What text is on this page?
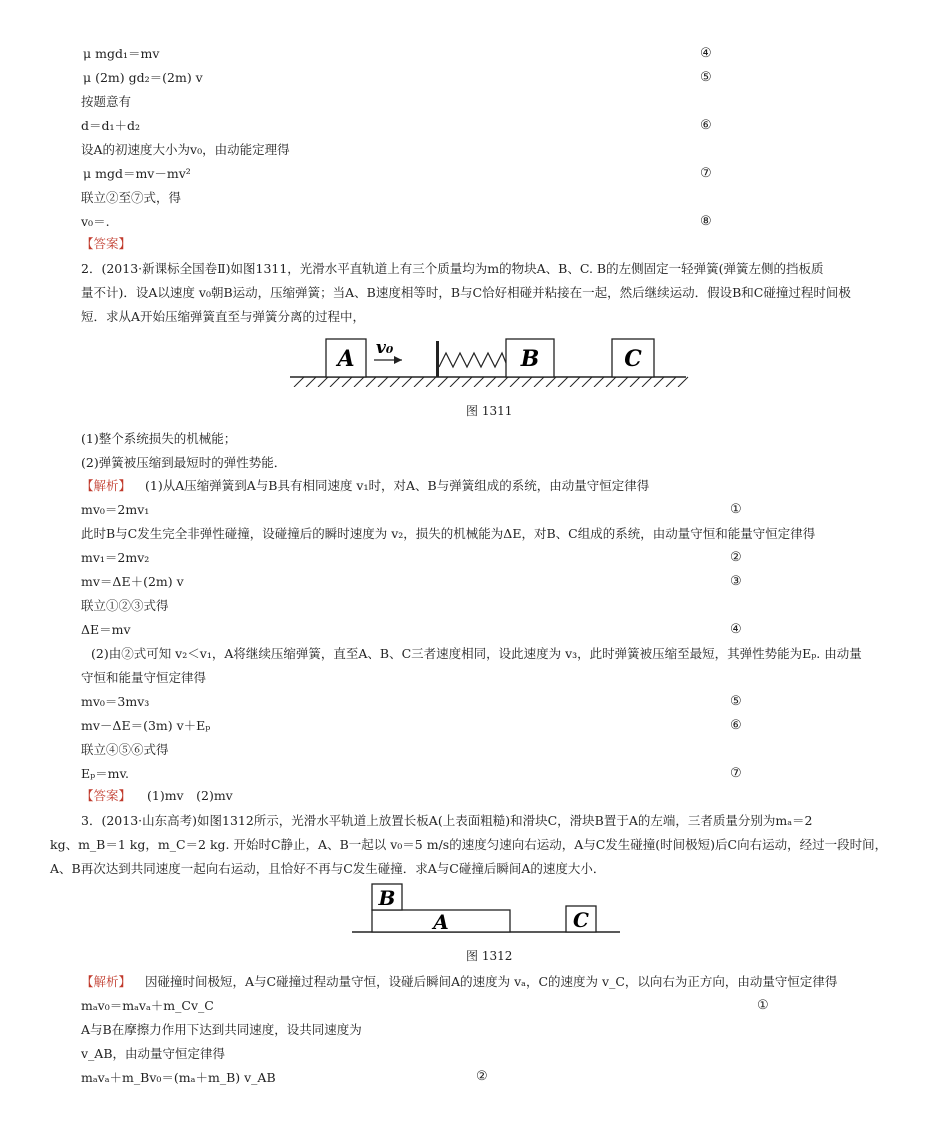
μ mgd₁＝mv	④
μ (2m) gd₂＝(2m) v	⑤
按题意有
d＝d₁＋d₂	⑥
设A的初速度大小为v₀，由动能定理得
μ mgd＝mv－mv²	⑦
联立②至⑦式，得
v₀＝.	⑧
【答案】
2．(2013·新课标全国卷Ⅱ)如图1311，光滑水平直轨道上有三个质量均为m的物块A、B、C. B的左侧固定一轻弹簧(弹簧左侧的挡板质
量不计)．设A以速度 v₀朝B运动，压缩弹簧；当A、B速度相等时，B与C恰好相碰并粘接在一起，然后继续运动．假设B和C碰撞过程时间极
短．求从A开始压缩弹簧直至与弹簧分离的过程中，
A v₀	B	C
图 1311
(1)整个系统损失的机械能；
(2)弹簧被压缩到最短时的弹性势能．
【解析】 (1)从A压缩弹簧到A与B具有相同速度 v₁时，对A、B与弹簧组成的系统，由动量守恒定律得
mv₀＝2mv₁	①
此时B与C发生完全非弹性碰撞，设碰撞后的瞬时速度为 v₂，损失的机械能为ΔE，对B、C组成的系统，由动量守恒和能量守恒定律得
mv₁＝2mv₂	②
mv＝ΔE＋(2m) v	③
联立①②③式得
ΔE＝mv	④
(2)由②式可知 v₂＜v₁，A将继续压缩弹簧，直至A、B、C三者速度相同，设此速度为 v₃，此时弹簧被压缩至最短，其弹性势能为Eₚ. 由动量
守恒和能量守恒定律得
mv₀＝3mv₃	⑤
mv－ΔE＝(3m) v＋Eₚ	⑥
联立④⑤⑥式得
Eₚ＝mv.	⑦
【答案】 (1)mv　(2)mv
3．(2013·山东高考)如图1312所示，光滑水平轨道上放置长板A(上表面粗糙)和滑块C，滑块B置于A的左端，三者质量分别为mₐ＝2
kg、m_B＝1 kg，m_C＝2 kg. 开始时C静止，A、B一起以 v₀＝5 m/s的速度匀速向右运动，A与C发生碰撞(时间极短)后C向右运动，经过一段时间，
A、B再次达到共同速度一起向右运动，且恰好不再与C发生碰撞．求A与C碰撞后瞬间A的速度大小．
A
B
C
图 1312
【解析】 因碰撞时间极短，A与C碰撞过程动量守恒，设碰后瞬间A的速度为 vₐ，C的速度为 v_C，以向右为正方向，由动量守恒定律得
mₐv₀＝mₐvₐ＋m_Cv_C	①
A与B在摩擦力作用下达到共同速度，设共同速度为
v_AB，由动量守恒定律得
mₐvₐ＋m_Bv₀＝(mₐ＋m_B) v_AB	②
